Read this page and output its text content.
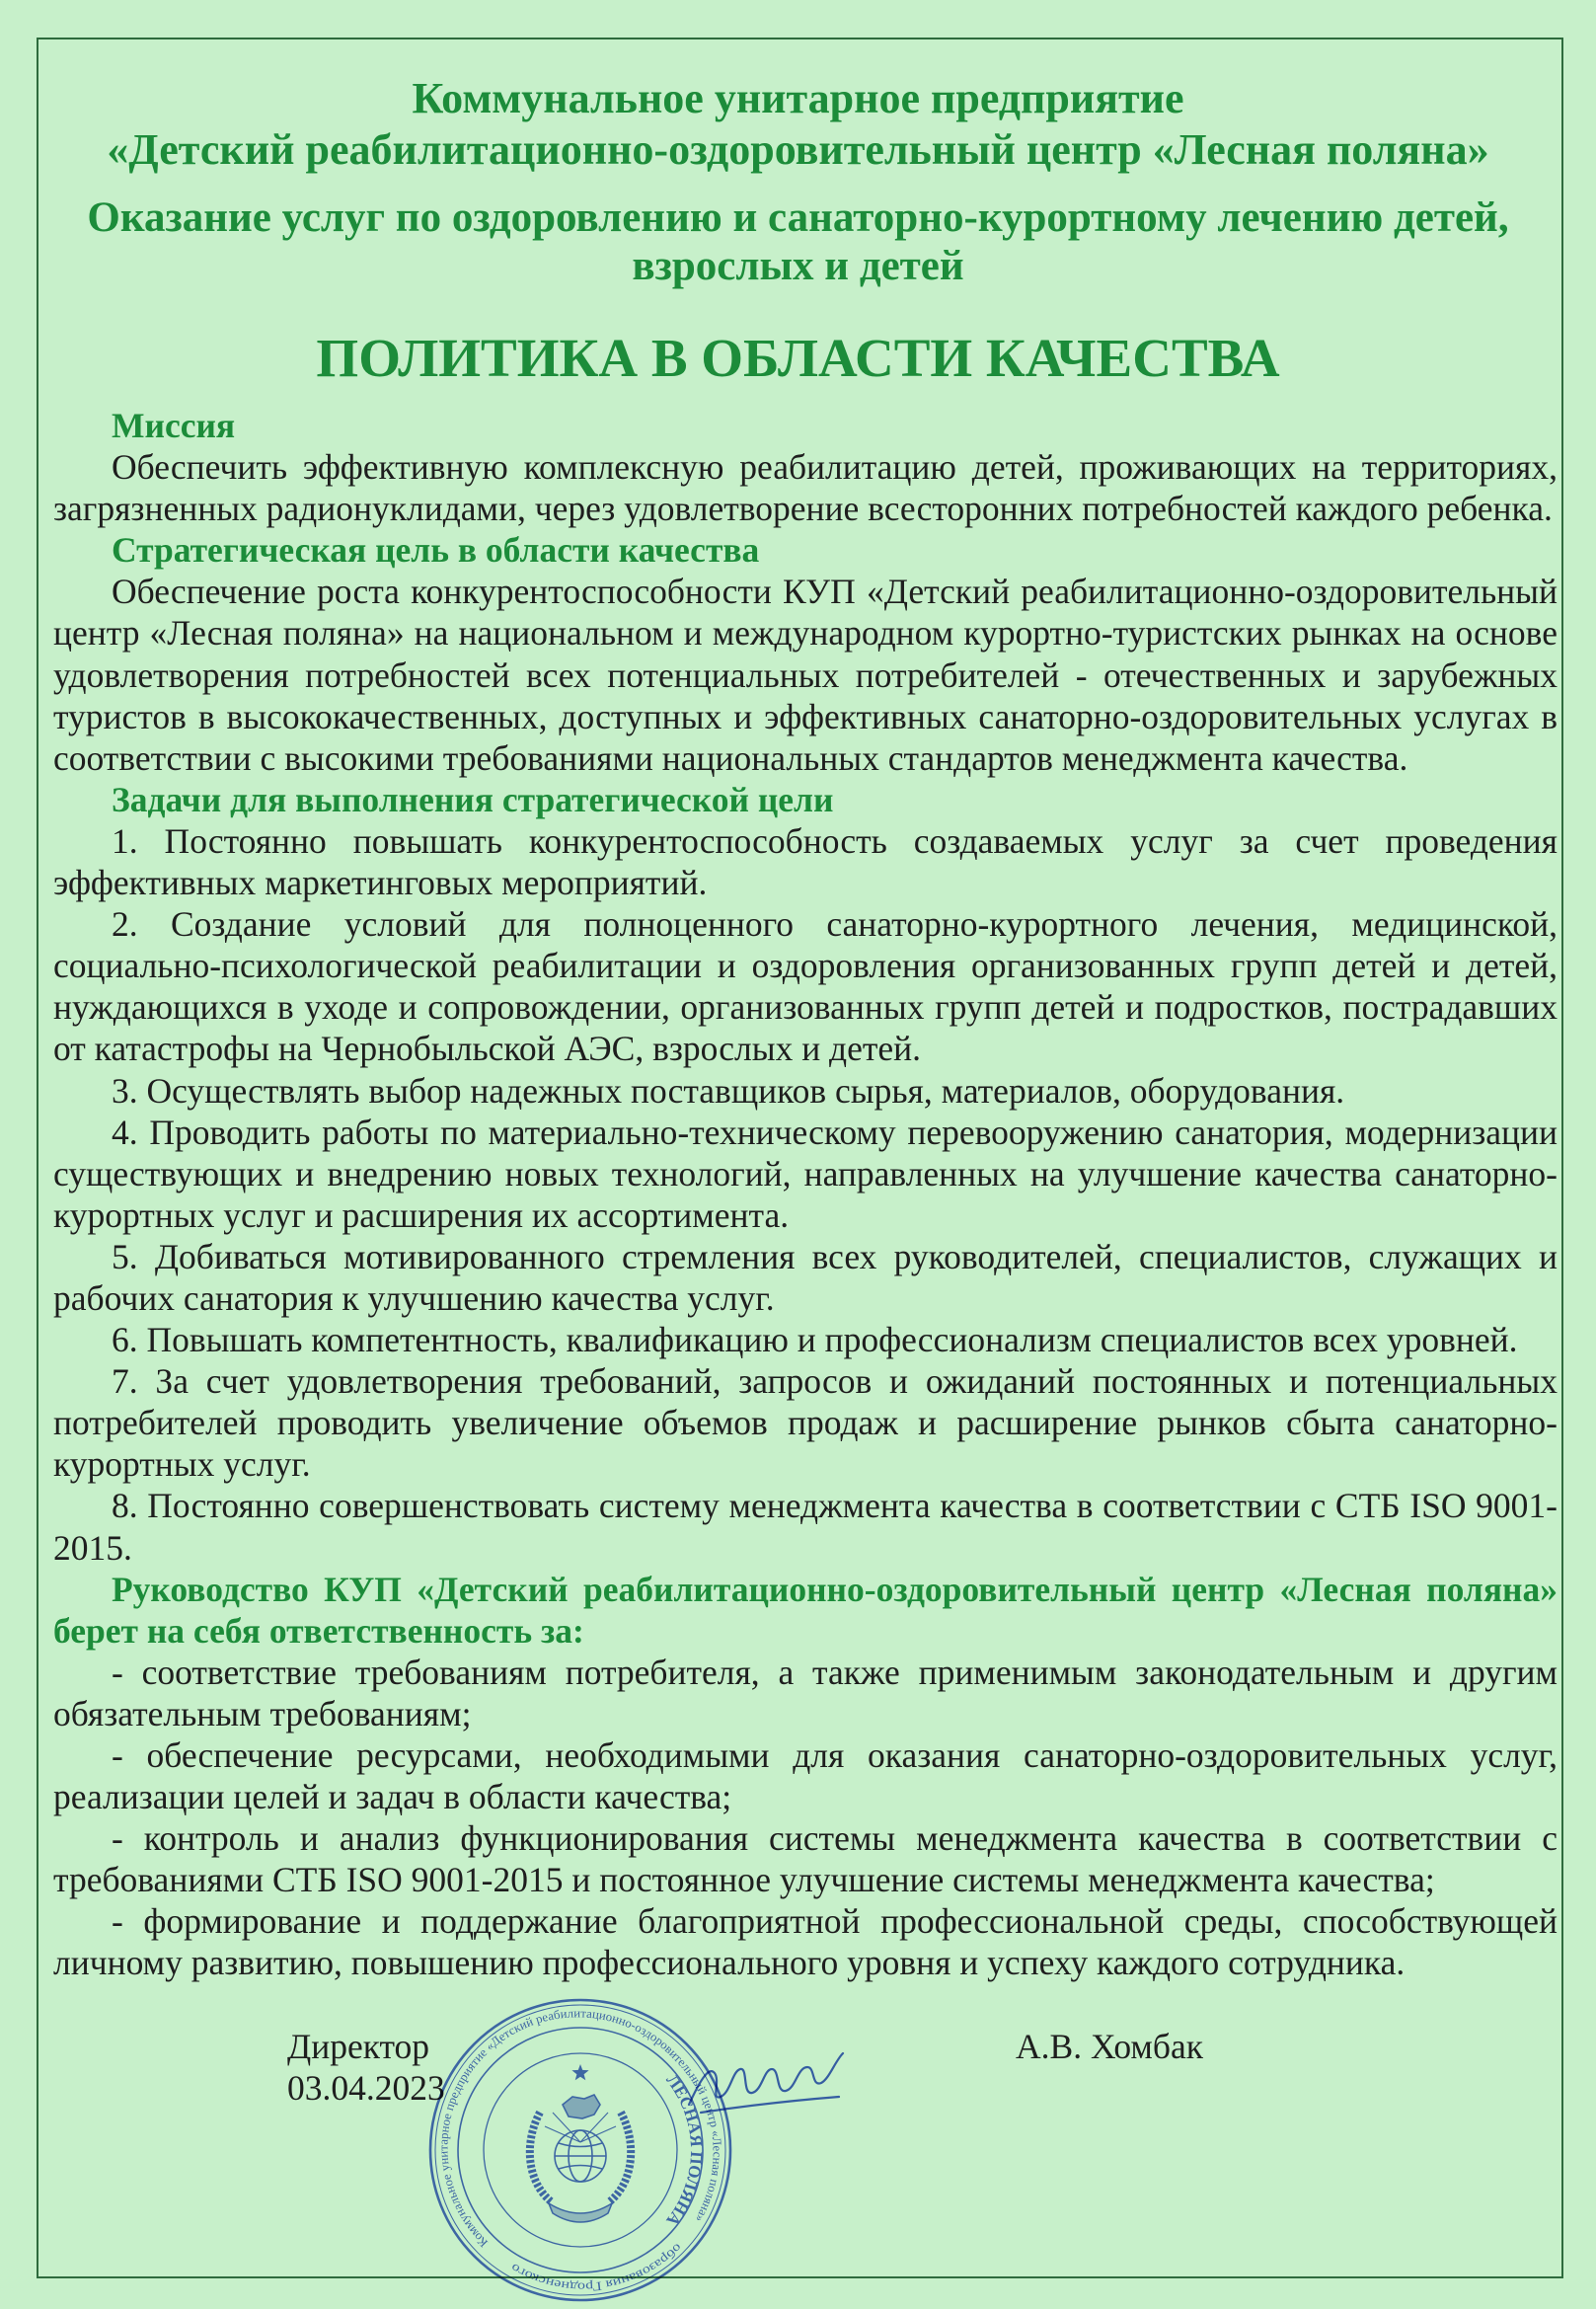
Коммунальное унитарное предприятие
«Детский реабилитационно-оздоровительный центр «Лесная поляна»
Оказание услуг по оздоровлению и санаторно-курортному лечению детей,
взрослых и детей
ПОЛИТИКА В ОБЛАСТИ КАЧЕСТВА

Миссия

Обеспечить эффективную комплексную реабилитацию детей, проживающих на территориях, загрязненных радионуклидами, через удовлетворение всесторонних потребностей каждого ребенка.

Стратегическая цель в области качества

Обеспечение роста конкурентоспособности КУП «Детский реабилитационно-оздоровительный центр «Лесная поляна» на национальном и международном курортно-туристских рынках на основе удовлетворения потребностей всех потенциальных потребителей - отечественных и зарубежных туристов в высококачественных, доступных и эффективных санаторно-оздоровительных услугах в соответствии с высокими требованиями национальных стандартов менеджмента качества.

Задачи для выполнения стратегической цели

1. Постоянно повышать конкурентоспособность создаваемых услуг за счет проведения эффективных маркетинговых мероприятий.

2. Создание условий для полноценного санаторно-курортного лечения, медицинской, социально-психологической реабилитации и оздоровления организованных групп детей и детей, нуждающихся в уходе и сопровождении, организованных групп детей и подростков, пострадавших от катастрофы на Чернобыльской АЭС, взрослых и детей.

3. Осуществлять выбор надежных поставщиков сырья, материалов, оборудования.

4. Проводить работы по материально-техническому перевооружению санатория, модернизации существующих и внедрению новых технологий, направленных на улучшение качества санаторно-курортных услуг и расширения их ассортимента.

5. Добиваться мотивированного стремления всех руководителей, специалистов, служащих и рабочих санатория к улучшению качества услуг.

6. Повышать компетентность, квалификацию и профессионализм специалистов всех уровней.

7. За счет удовлетворения требований, запросов и ожиданий постоянных и потенциальных потребителей проводить увеличение объемов продаж и расширение рынков сбыта санаторно-курортных услуг.

8. Постоянно совершенствовать систему менеджмента качества в соответствии с СТБ ISO 9001-2015.

Руководство КУП «Детский реабилитационно-оздоровительный центр «Лесная поляна» берет на себя ответственность за:

- соответствие требованиям потребителя, а также применимым законодательным и другим обязательным требованиям;

- обеспечение ресурсами, необходимыми для оказания санаторно-оздоровительных услуг, реализации целей и задач в области качества;

- контроль и анализ функционирования системы менеджмента качества в соответствии с требованиями СТБ ISO 9001-2015 и постоянное улучшение системы менеджмента качества;

- формирование и поддержание благоприятной профессиональной среды, способствующей личному развитию, повышению профессионального уровня и успеху каждого сотрудника.

Директор	А.В. Хомбак
03.04.2023
Коммунальное унитарное предприятие «Детский реабилитационно-оздоровительный центр «Лесная поляна»
образования Гродненского
ЛЕСНАЯ ПОЛЯНА
